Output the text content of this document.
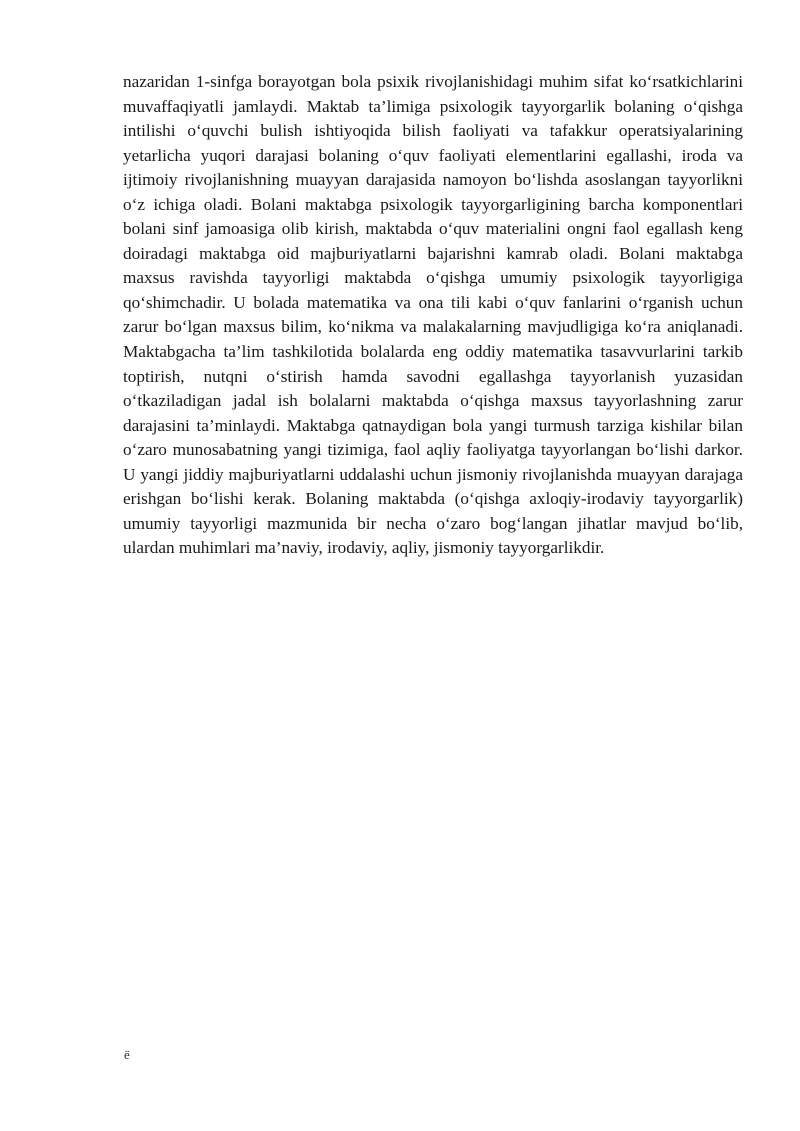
nazaridan 1-sinfga borayotgan bola psixik rivojlanishidagi muhim sifat ko‘rsatkichlarini muvaffaqiyatli jamlaydi. Maktab ta’limiga psixologik tayyorgarlik bolaning o‘qishga intilishi o‘quvchi bulish ishtiyoqida bilish faoliyati va tafakkur operatsiyalarining yetarlicha yuqori darajasi bolaning o‘quv faoliyati elementlarini egallashi, iroda va ijtimoiy rivojlanishning muayyan darajasida namoyon bo‘lishda asoslangan tayyorlikni o‘z ichiga oladi. Bolani maktabga psixologik tayyorgarligining barcha komponentlari bolani sinf jamoasiga olib kirish, maktabda o‘quv materialini ongni faol egallash keng doiradagi maktabga oid majburiyatlarni bajarishni kamrab oladi. Bolani maktabga maxsus ravishda tayyorligi maktabda o‘qishga umumiy psixologik tayyorligiga qo‘shimchadir. U bolada matematika va ona tili kabi o‘quv fanlarini o‘rganish uchun zarur bo‘lgan maxsus bilim, ko‘nikma va malakalarning mavjudligiga ko‘ra aniqlanadi. Maktabgacha ta’lim tashkilotida bolalarda eng oddiy matematika tasavvurlarini tarkib toptirish, nutqni o‘stirish hamda savodni egallashga tayyorlanish yuzasidan o‘tkaziladigan jadal ish bolalarni maktabda o‘qishga maxsus tayyorlashning zarur darajasini ta’minlaydi. Maktabga qatnaydigan bola yangi turmush tarziga kishilar bilan o‘zaro munosabatning yangi tizimiga, faol aqliy faoliyatga tayyorlangan bo‘lishi darkor. U yangi jiddiy majburiyatlarni uddalashi uchun jismoniy rivojlanishda muayyan darajaga erishgan bo‘lishi kerak. Bolaning maktabda (o‘qishga axloqiy-irodaviy tayyorgarlik) umumiy tayyorligi mazmunida bir necha o‘zaro bog‘langan jihatlar mavjud bo‘lib, ulardan muhimlari ma’naviy, irodaviy, aqliy, jismoniy tayyorgarlikdir.

ё
